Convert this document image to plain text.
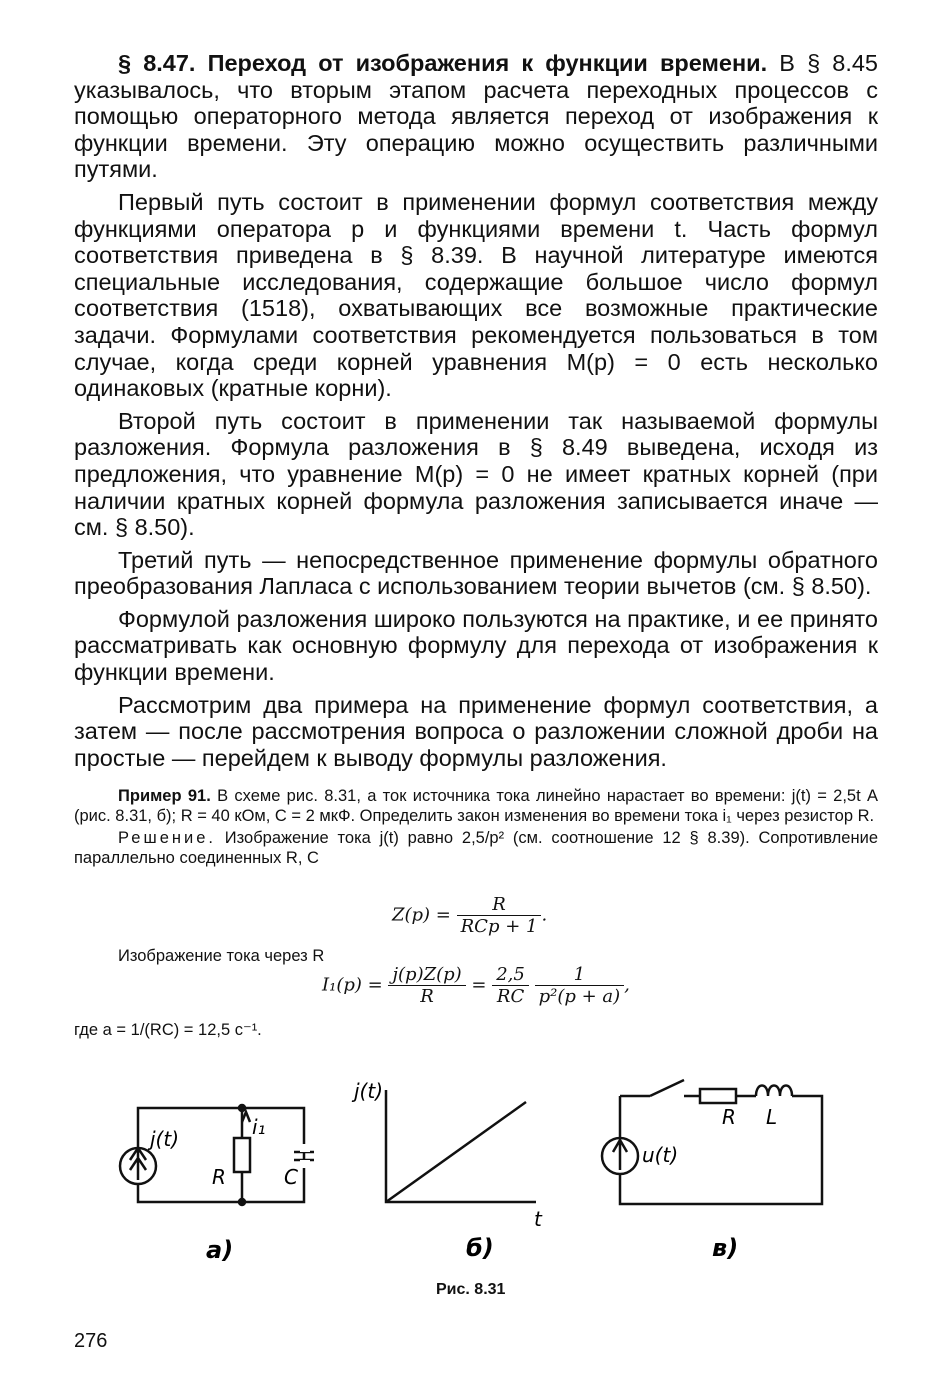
§ 8.47. Переход от изображения к функции времени. В § 8.45 указывалось, что вторым этапом расчета переходных процессов с помощью операторного метода является переход от изображения к функции времени. Эту операцию можно осуществить различными путями.

Первый путь состоит в применении формул соответствия между функциями оператора p и функциями времени t. Часть формул соответствия приведена в § 8.39. В научной литературе имеются специальные исследования, содержащие большое число формул соответствия (1518), охватывающих все возможные практические задачи. Формулами соответствия рекомендуется пользоваться в том случае, когда среди корней уравнения M(p) = 0 есть несколько одинаковых (кратные корни).

Второй путь состоит в применении так называемой формулы разложения. Формула разложения в § 8.49 выведена, исходя из предложения, что уравнение M(p) = 0 не имеет кратных корней (при наличии кратных корней формула разложения записывается иначе — см. § 8.50).

Третий путь — непосредственное применение формулы обратного преобразования Лапласа с использованием теории вычетов (см. § 8.50).

Формулой разложения широко пользуются на практике, и ее принято рассматривать как основную формулу для перехода от изображения к функции времени.

Рассмотрим два примера на применение формул соответствия, а затем — после рассмотрения вопроса о разложении сложной дроби на простые — перейдем к выводу формулы разложения.

Пример 91. В схеме рис. 8.31, а ток источника тока линейно нарастает во времени: j(t) = 2,5t А (рис. 8.31, б); R = 40 кОм, C = 2 мкФ. Определить закон изменения во времени тока i₁ через резистор R.

Решение. Изображение тока j(t) равно 2,5/p² (см. соотношение 12 § 8.39). Сопротивление параллельно соединенных R, C

$Z(p) = \frac{R}{\text{RCp + 1}}$ .

Изображение тока через R

$I_1(p) = \frac{j(p)Z(p)}{R} = \frac{2,5}{RC}$
$\frac{1}{\text{p²(p + a)}}$ ,

где a = 1/(RC) = 12,5 с⁻¹.

j(t)	i₁
R	C
а)
j(t)
t
б)
u(t)
R L
в)
Рис. 8.31
276
